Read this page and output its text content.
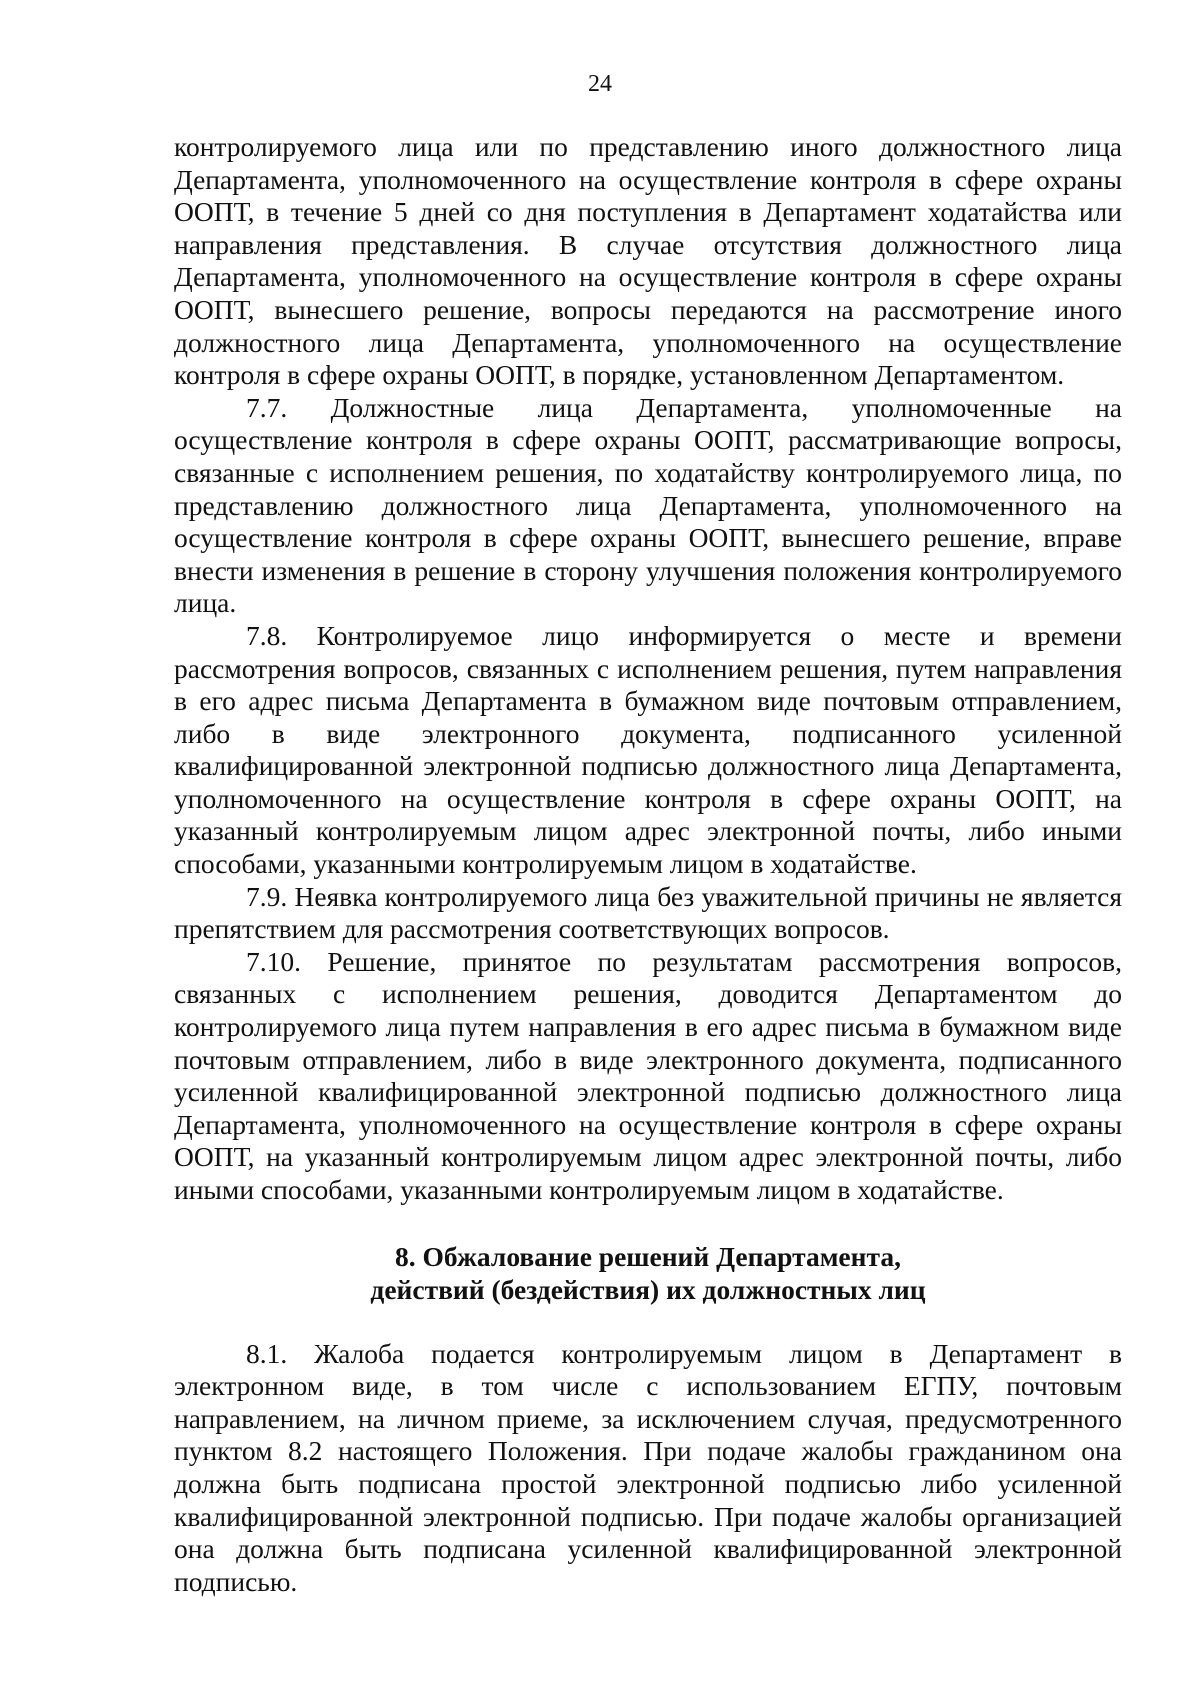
24

контролируемого лица или по представлению иного должностного лица Департамента, уполномоченного на осуществление контроля в сфере охраны ООПТ, в течение 5 дней со дня поступления в Департамент ходатайства или направления представления. В случае отсутствия должностного лица Департамента, уполномоченного на осуществление контроля в сфере охраны ООПТ, вынесшего решение, вопросы передаются на рассмотрение иного должностного лица Департамента, уполномоченного на осуществление контроля в сфере охраны ООПТ, в порядке, установленном Департаментом.

7.7. Должностные лица Департамента, уполномоченные на осуществление контроля в сфере охраны ООПТ, рассматривающие вопросы, связанные с исполнением решения, по ходатайству контролируемого лица, по представлению должностного лица Департамента, уполномоченного на осуществление контроля в сфере охраны ООПТ, вынесшего решение, вправе внести изменения в решение в сторону улучшения положения контролируемого лица.

7.8. Контролируемое лицо информируется о месте и времени рассмотрения вопросов, связанных с исполнением решения, путем направления в его адрес письма Департамента в бумажном виде почтовым отправлением, либо в виде электронного документа, подписанного усиленной квалифицированной электронной подписью должностного лица Департамента, уполномоченного на осуществление контроля в сфере охраны ООПТ, на указанный контролируемым лицом адрес электронной почты, либо иными способами, указанными контролируемым лицом в ходатайстве.

7.9. Неявка контролируемого лица без уважительной причины не является препятствием для рассмотрения соответствующих вопросов.

7.10. Решение, принятое по результатам рассмотрения вопросов, связанных с исполнением решения, доводится Департаментом до контролируемого лица путем направления в его адрес письма в бумажном виде почтовым отправлением, либо в виде электронного документа, подписанного усиленной квалифицированной электронной подписью должностного лица Департамента, уполномоченного на осуществление контроля в сфере охраны ООПТ, на указанный контролируемым лицом адрес электронной почты, либо иными способами, указанными контролируемым лицом в ходатайстве.

8. Обжалование решений Департамента,
действий (бездействия) их должностных лиц

8.1. Жалоба подается контролируемым лицом в Департамент в электронном виде, в том числе с использованием ЕГПУ, почтовым направлением, на личном приеме, за исключением случая, предусмотренного пунктом 8.2 настоящего Положения. При подаче жалобы гражданином она должна быть подписана простой электронной подписью либо усиленной квалифицированной электронной подписью. При подаче жалобы организацией она должна быть подписана усиленной квалифицированной электронной подписью.
